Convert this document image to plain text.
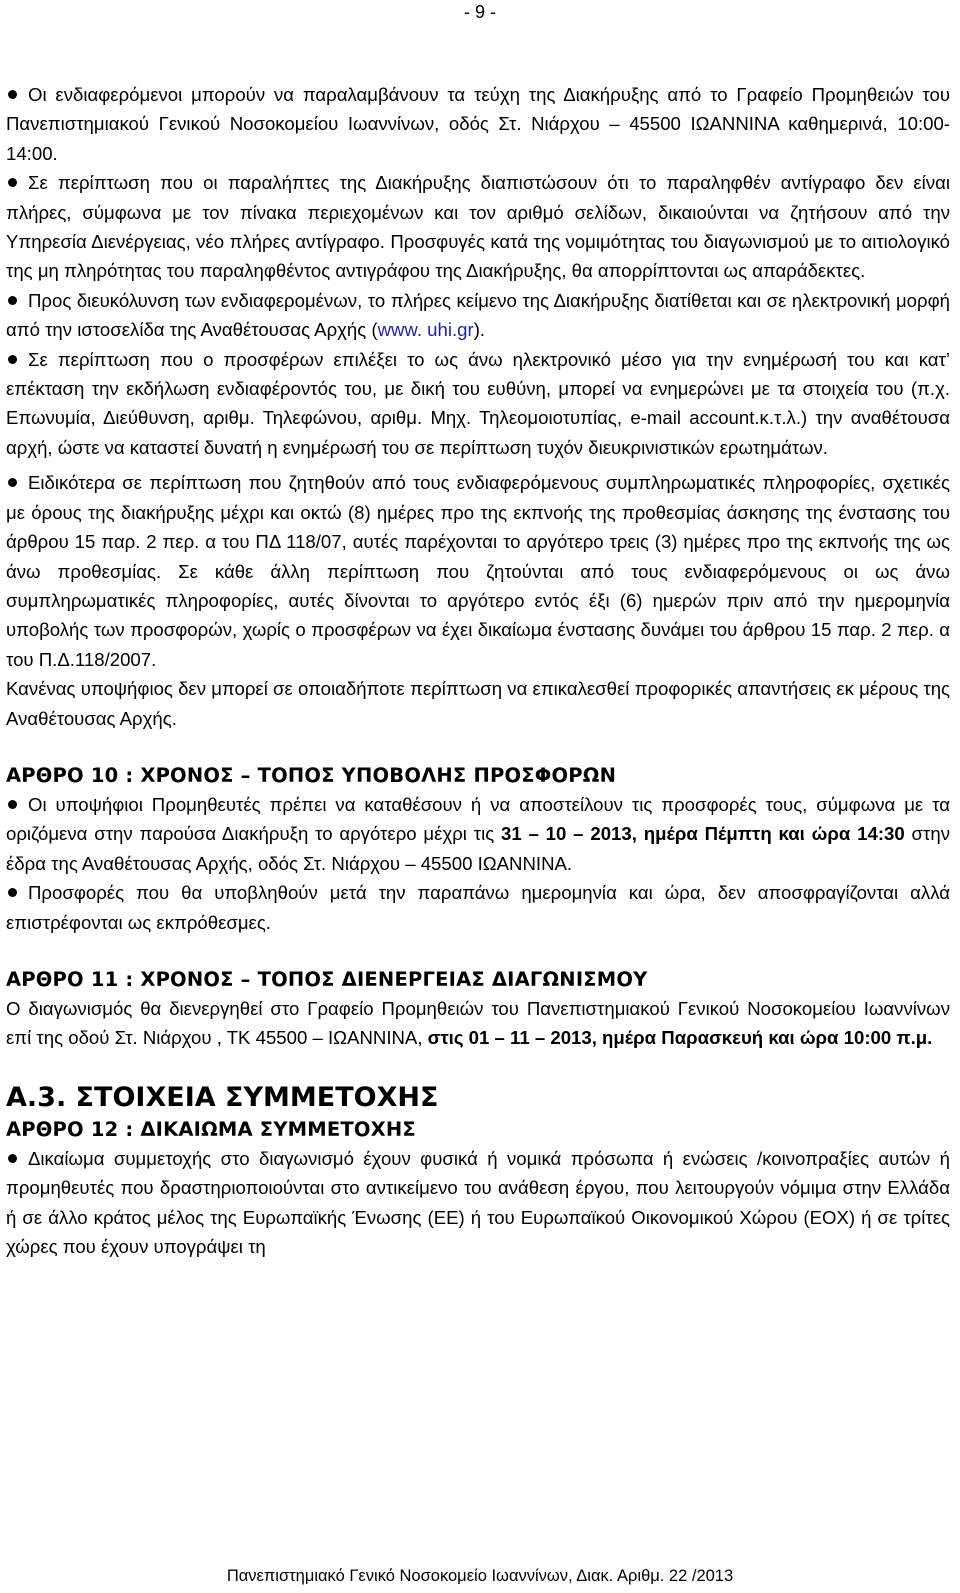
- 9 -

Οι ενδιαφερόμενοι μπορούν να παραλαμβάνουν τα τεύχη της Διακήρυξης από το Γραφείο Προμηθειών του Πανεπιστημιακού Γενικού Νοσοκομείου Ιωαννίνων, οδός Στ. Νιάρχου – 45500 ΙΩΑΝΝΙΝΑ καθημερινά, 10:00-14:00.

Σε περίπτωση που οι παραλήπτες της Διακήρυξης διαπιστώσουν ότι το παραληφθέν αντίγραφο δεν είναι πλήρες, σύμφωνα με τον πίνακα περιεχομένων και τον αριθμό σελίδων, δικαιούνται να ζητήσουν από την Υπηρεσία Διενέργειας, νέο πλήρες αντίγραφο. Προσφυγές κατά της νομιμότητας του διαγωνισμού με το αιτιολογικό της μη πληρότητας του παραληφθέντος αντιγράφου της Διακήρυξης, θα απορρίπτονται ως απαράδεκτες.

Προς διευκόλυνση των ενδιαφερομένων, το πλήρες κείμενο της Διακήρυξης διατίθεται και σε ηλεκτρονική μορφή από την ιστοσελίδα της Αναθέτουσας Αρχής (www. uhi.gr).

Σε περίπτωση που ο προσφέρων επιλέξει το ως άνω ηλεκτρονικό μέσο για την ενημέρωσή του και κατ’ επέκταση την εκδήλωση ενδιαφέροντός του, με δική του ευθύνη, μπορεί να ενημερώνει με τα στοιχεία του (π.χ. Επωνυμία, Διεύθυνση, αριθμ. Τηλεφώνου, αριθμ. Μηχ. Τηλεομοιοτυπίας, e-mail account.κ.τ.λ.) την αναθέτουσα αρχή, ώστε να καταστεί δυνατή η ενημέρωσή του σε περίπτωση τυχόν διευκρινιστικών ερωτημάτων.

Ειδικότερα σε περίπτωση που ζητηθούν από τους ενδιαφερόμενους συμπληρωματικές πληροφορίες, σχετικές με όρους της διακήρυξης μέχρι και οκτώ (8) ημέρες προ της εκπνοής της προθεσμίας άσκησης της ένστασης του άρθρου 15 παρ. 2 περ. α του ΠΔ 118/07, αυτές παρέχονται το αργότερο τρεις (3) ημέρες προ της εκπνοής της ως άνω προθεσμίας. Σε κάθε άλλη περίπτωση που ζητούνται από τους ενδιαφερόμενους οι ως άνω συμπληρωματικές πληροφορίες, αυτές δίνονται το αργότερο εντός έξι (6) ημερών πριν από την ημερομηνία υποβολής των προσφορών, χωρίς ο προσφέρων να έχει δικαίωμα ένστασης δυνάμει του άρθρου 15 παρ. 2 περ. α του Π.Δ.118/2007.

Κανένας υποψήφιος δεν μπορεί σε οποιαδήποτε περίπτωση να επικαλεσθεί προφορικές απαντήσεις εκ μέρους της Αναθέτουσας Αρχής.

ΑΡΘΡΟ 10 : ΧΡΟΝΟΣ – ΤΟΠΟΣ ΥΠΟΒΟΛΗΣ ΠΡΟΣΦΟΡΩΝ

Οι υποψήφιοι Προμηθευτές πρέπει να καταθέσουν ή να αποστείλουν τις προσφορές τους, σύμφωνα με τα οριζόμενα στην παρούσα Διακήρυξη το αργότερο μέχρι τις 31 – 10 – 2013, ημέρα Πέμπτη και ώρα 14:30 στην έδρα της Αναθέτουσας Αρχής, οδός Στ. Νιάρχου – 45500 ΙΩΑΝΝΙΝΑ.

Προσφορές που θα υποβληθούν μετά την παραπάνω ημερομηνία και ώρα, δεν αποσφραγίζονται αλλά επιστρέφονται ως εκπρόθεσμες.

ΑΡΘΡΟ 11 : ΧΡΟΝΟΣ – ΤΟΠΟΣ ΔΙΕΝΕΡΓΕΙΑΣ ΔΙΑΓΩΝΙΣΜΟΥ

Ο διαγωνισμός θα διενεργηθεί στο Γραφείο Προμηθειών του Πανεπιστημιακού Γενικού Νοσοκομείου Ιωαννίνων επί της οδού Στ. Νιάρχου , ΤΚ 45500 – ΙΩΑΝΝΙΝΑ, στις 01 – 11 – 2013, ημέρα Παρασκευή και ώρα 10:00 π.μ.

Α.3. ΣΤΟΙΧΕΙΑ ΣΥΜΜΕΤΟΧΗΣ

ΑΡΘΡΟ 12 : ΔΙΚΑΙΩΜΑ ΣΥΜΜΕΤΟΧΗΣ

Δικαίωμα συμμετοχής στο διαγωνισμό έχουν φυσικά ή νομικά πρόσωπα ή ενώσεις /κοινοπραξίες αυτών ή προμηθευτές που δραστηριοποιούνται στο αντικείμενο του ανάθεση έργου, που λειτουργούν νόμιμα στην Ελλάδα ή σε άλλο κράτος μέλος της Ευρωπαϊκής Ένωσης (ΕΕ) ή του Ευρωπαϊκού Οικονομικού Χώρου (ΕΟΧ) ή σε τρίτες χώρες που έχουν υπογράψει τη

Πανεπιστημιακό Γενικό Νοσοκομείο Ιωαννίνων, Διακ. Αριθμ. 22 /2013
